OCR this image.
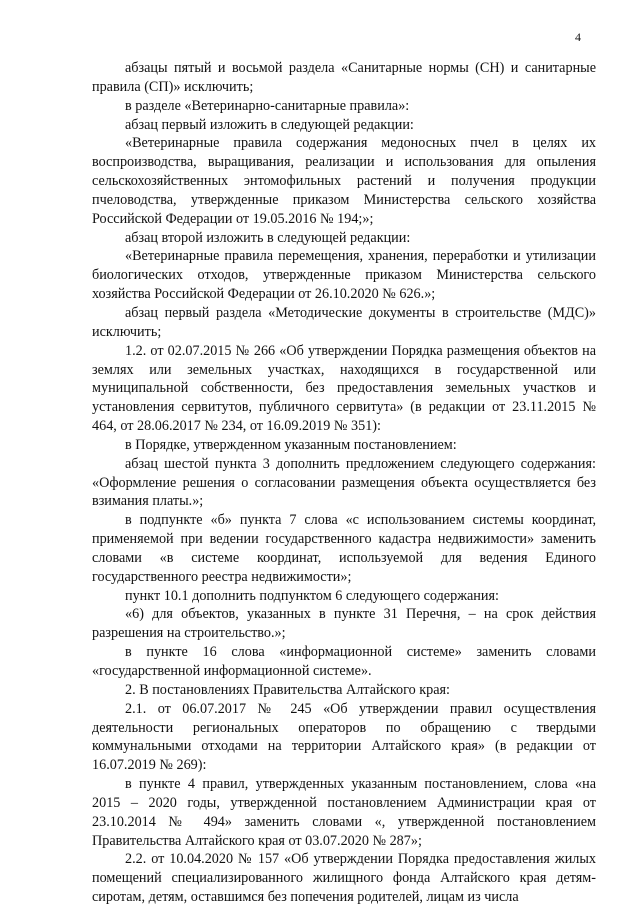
4

абзацы пятый и восьмой раздела «Санитарные нормы (СН) и санитарные правила (СП)» исключить;

в разделе «Ветеринарно-санитарные правила»:

абзац первый изложить в следующей редакции:

«Ветеринарные правила содержания медоносных пчел в целях их воспроизводства, выращивания, реализации и использования для опыления сельскохозяйственных энтомофильных растений и получения продукции пчеловодства, утвержденные приказом Министерства сельского хозяйства Российской Федерации от 19.05.2016 № 194;»;

абзац второй изложить в следующей редакции:

«Ветеринарные правила перемещения, хранения, переработки и утилизации биологических отходов, утвержденные приказом Министерства сельского хозяйства Российской Федерации от 26.10.2020 № 626.»;

абзац первый раздела «Методические документы в строительстве (МДС)» исключить;

1.2. от 02.07.2015 № 266 «Об утверждении Порядка размещения объектов на землях или земельных участках, находящихся в государственной или муниципальной собственности, без предоставления земельных участков и установления сервитутов, публичного сервитута» (в редакции от 23.11.2015 № 464, от 28.06.2017 № 234, от 16.09.2019 № 351):

в Порядке, утвержденном указанным постановлением:

абзац шестой пункта 3 дополнить предложением следующего содержания: «Оформление решения о согласовании размещения объекта осуществляется без взимания платы.»;

в подпункте «б» пункта 7 слова «с использованием системы координат, применяемой при ведении государственного кадастра недвижимости» заменить словами «в системе координат, используемой для ведения Единого государственного реестра недвижимости»;

пункт 10.1 дополнить подпунктом 6 следующего содержания:

«6) для объектов, указанных в пункте 31 Перечня, – на срок действия разрешения на строительство.»;

в пункте 16 слова «информационной системе» заменить словами «государственной информационной системе».

2. В постановлениях Правительства Алтайского края:

2.1. от 06.07.2017 № 245 «Об утверждении правил осуществления деятельности региональных операторов по обращению с твердыми коммунальными отходами на территории Алтайского края» (в редакции от 16.07.2019 № 269):

в пункте 4 правил, утвержденных указанным постановлением, слова «на 2015 – 2020 годы, утвержденной постановлением Администрации края от 23.10.2014 № 494» заменить словами «, утвержденной постановлением Правительства Алтайского края от 03.07.2020 № 287»;

2.2. от 10.04.2020 № 157 «Об утверждении Порядка предоставления жилых помещений специализированного жилищного фонда Алтайского края детям-сиротам, детям, оставшимся без попечения родителей, лицам из числа
